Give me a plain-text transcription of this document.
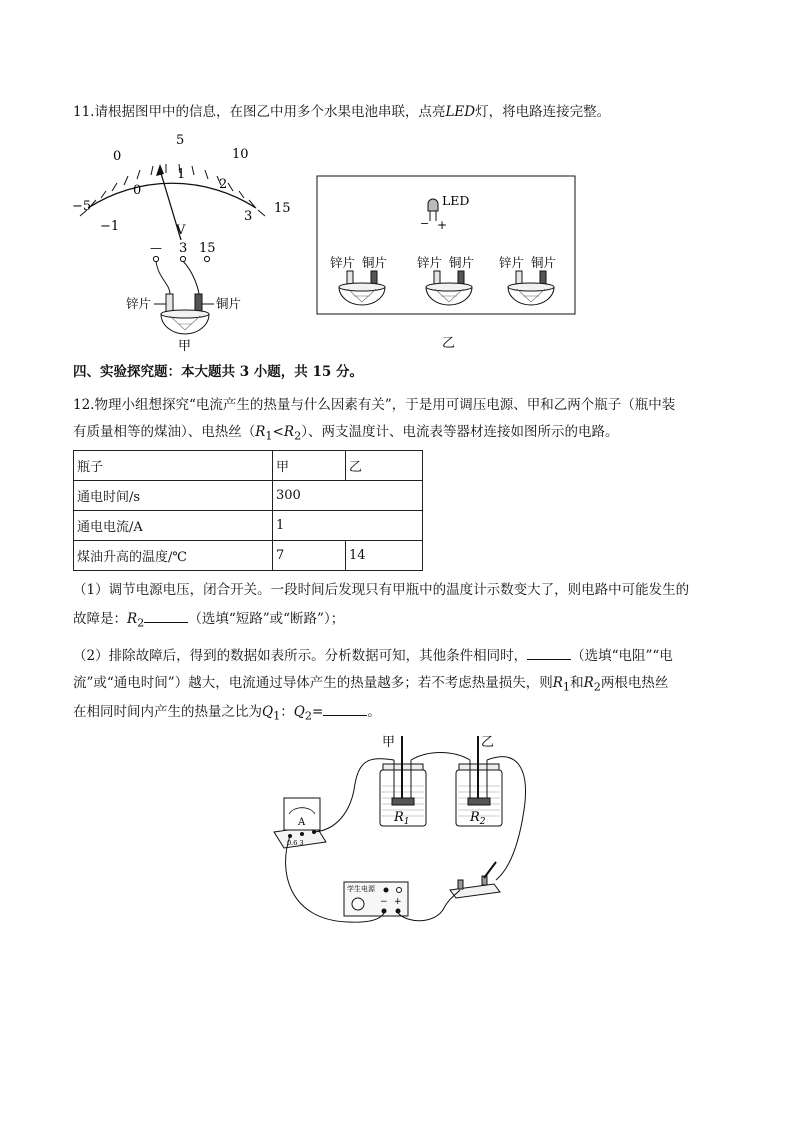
11.请根据图甲中的信息，在图乙中用多个水果电池串联，点亮LED灯，将电路连接完整。
−5
0
5
10
15
−1
0
1
2
3
V
— 3 15
锌片	铜片
甲
LED
− +
锌片 铜片 锌片 铜片 锌片 铜片
乙
四、实验探究题：本大题共 3 小题，共 15 分。
12.物理小组想探究“电流产生的热量与什么因素有关”，于是用可调压电源、甲和乙两个瓶子（瓶中装
有质量相等的煤油）、电热丝$(R_1<R_2)$、两支温度计、电流表等器材连接如图所示的电路。
瓶子	甲	乙
通电时间/s	300	
通电电流/A	1	
煤油升高的温度/℃	7	14
（1）调节电源电压，闭合开关。一段时间后发现只有甲瓶中的温度计示数变大了，则电路中可能发生的
故障是：$R_2$	（选填“短路”或“断路”）；
（2）排除故障后，得到的数据如表所示。分析数据可知，其他条件相同时，	（选填“电阻”“电
流”或“通电时间”）越大，电流通过导体产生的热量越多；若不考虑热量损失，则$R_1$和$R_2$两根电热丝
在相同时间内产生的热量之比为$Q_1$：$Q_2=$	。
甲	乙
$R_1$	$R_2$
A
0.6 3
学生电源
− +
